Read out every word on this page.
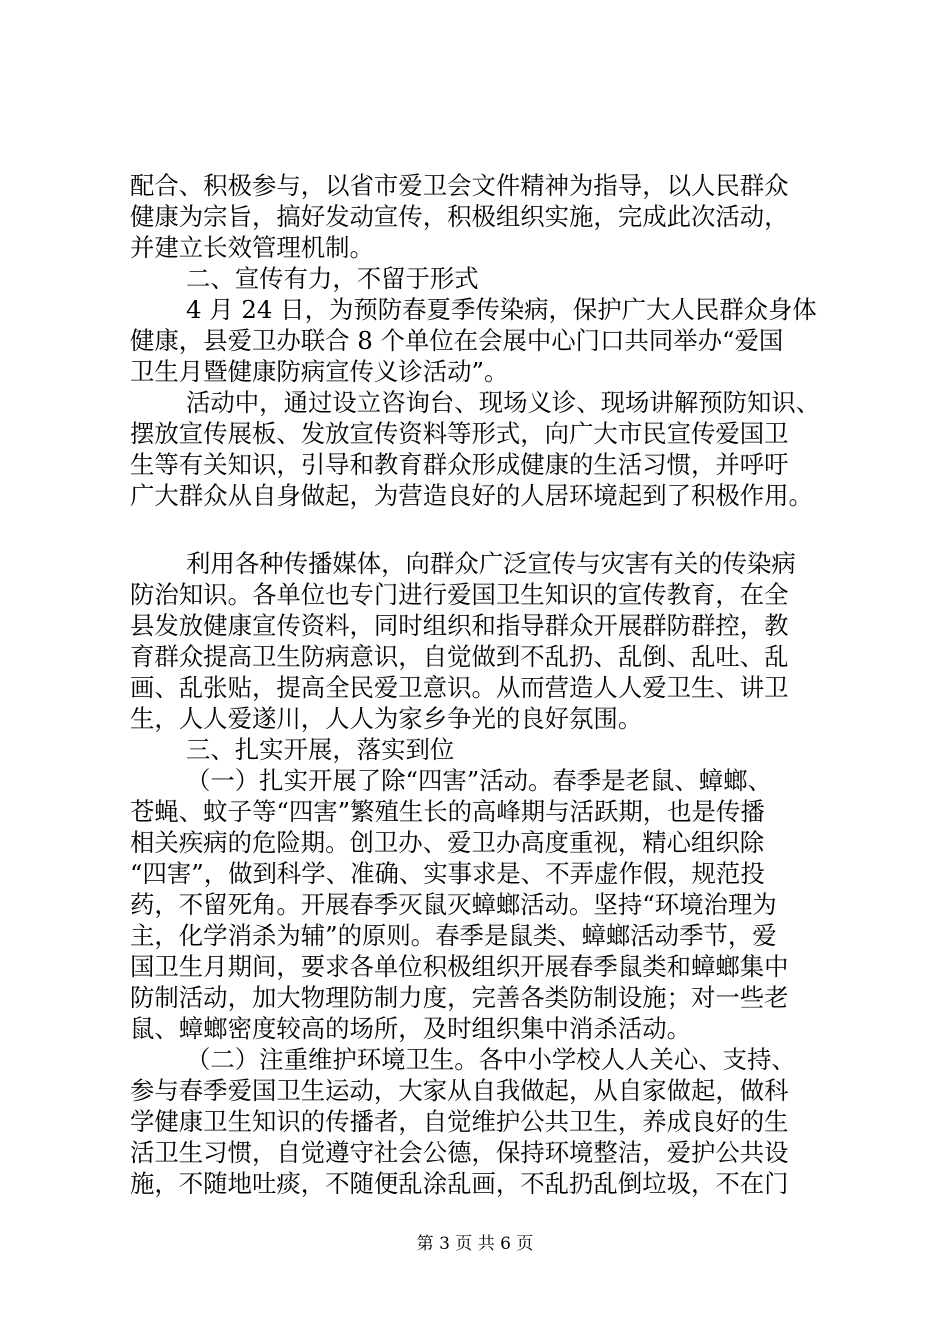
配合、积极参与，以省市爱卫会文件精神为指导，以人民群众
健康为宗旨，搞好发动宣传，积极组织实施，完成此次活动，
并建立长效管理机制。
二、宣传有力，不留于形式
4 月 24 日，为预防春夏季传染病，保护广大人民群众身体
健康，县爱卫办联合 8 个单位在会展中心门口共同举办“爱国
卫生月暨健康防病宣传义诊活动”。
活动中，通过设立咨询台、现场义诊、现场讲解预防知识、
摆放宣传展板、发放宣传资料等形式，向广大市民宣传爱国卫
生等有关知识，引导和教育群众形成健康的生活习惯，并呼吁
广大群众从自身做起，为营造良好的人居环境起到了积极作用。
利用各种传播媒体，向群众广泛宣传与灾害有关的传染病
防治知识。各单位也专门进行爱国卫生知识的宣传教育，在全
县发放健康宣传资料，同时组织和指导群众开展群防群控，教
育群众提高卫生防病意识，自觉做到不乱扔、乱倒、乱吐、乱
画、乱张贴，提高全民爱卫意识。从而营造人人爱卫生、讲卫
生，人人爱遂川，人人为家乡争光的良好氛围。
三、扎实开展，落实到位
（一）扎实开展了除“四害”活动。春季是老鼠、蟑螂、
苍蝇、蚊子等“四害”繁殖生长的高峰期与活跃期，也是传播
相关疾病的危险期。创卫办、爱卫办高度重视，精心组织除
“四害”，做到科学、准确、实事求是、不弄虚作假，规范投
药，不留死角。开展春季灭鼠灭蟑螂活动。坚持“环境治理为
主，化学消杀为辅”的原则。春季是鼠类、蟑螂活动季节，爱
国卫生月期间，要求各单位积极组织开展春季鼠类和蟑螂集中
防制活动，加大物理防制力度，完善各类防制设施；对一些老
鼠、蟑螂密度较高的场所，及时组织集中消杀活动。
（二）注重维护环境卫生。各中小学校人人关心、支持、
参与春季爱国卫生运动，大家从自我做起，从自家做起，做科
学健康卫生知识的传播者，自觉维护公共卫生，养成良好的生
活卫生习惯，自觉遵守社会公德，保持环境整洁，爱护公共设
施，不随地吐痰，不随便乱涂乱画，不乱扔乱倒垃圾，不在门
第 3 页 共 6 页
